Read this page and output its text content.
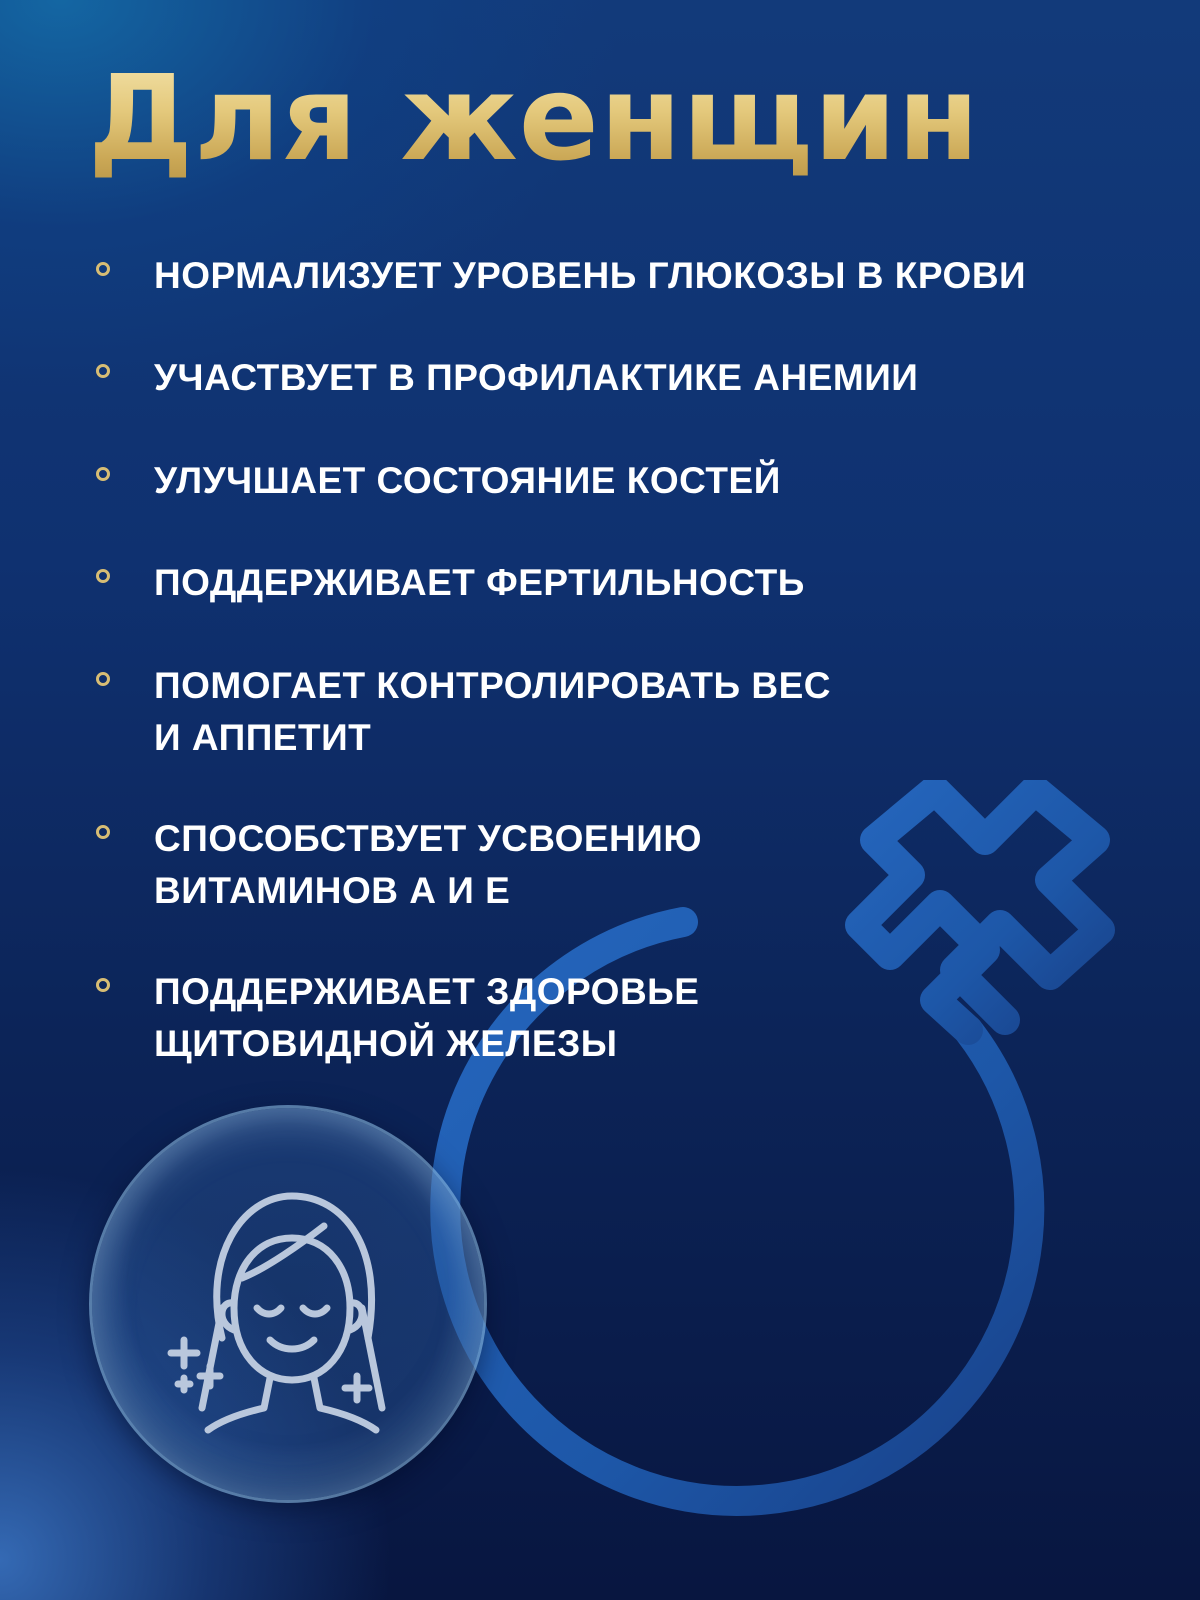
Для женщин
НОРМАЛИЗУЕТ УРОВЕНЬ ГЛЮКОЗЫ В КРОВИ
УЧАСТВУЕТ В ПРОФИЛАКТИКЕ АНЕМИИ
УЛУЧШАЕТ СОСТОЯНИЕ КОСТЕЙ
ПОДДЕРЖИВАЕТ ФЕРТИЛЬНОСТЬ
ПОМОГАЕТ КОНТРОЛИРОВАТЬ ВЕС
И АППЕТИТ
СПОСОБСТВУЕТ УСВОЕНИЮ
ВИТАМИНОВ А И Е
ПОДДЕРЖИВАЕТ ЗДОРОВЬЕ
ЩИТОВИДНОЙ ЖЕЛЕЗЫ
